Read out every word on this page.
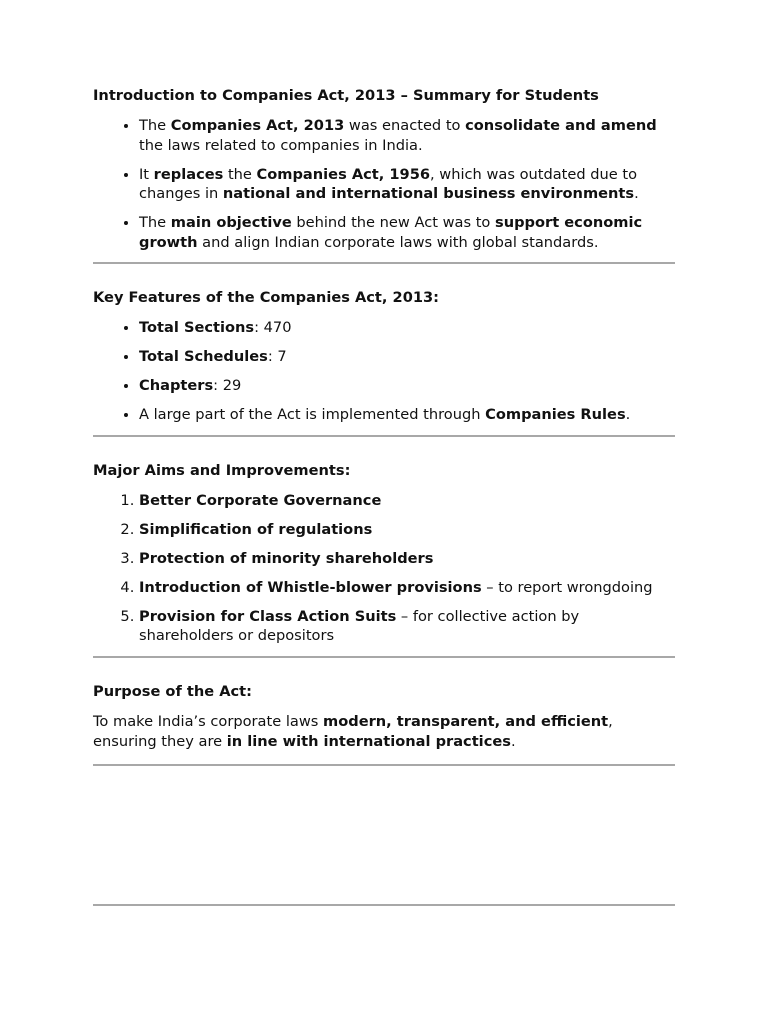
Introduction to Companies Act, 2013 – Summary for Students
• The Companies Act, 2013 was enacted to consolidate and amend the laws related to companies in India.
• It replaces the Companies Act, 1956, which was outdated due to changes in national and international business environments.
• The main objective behind the new Act was to support economic growth and align Indian corporate laws with global standards.
Key Features of the Companies Act, 2013:
• Total Sections: 470
• Total Schedules: 7
• Chapters: 29
• A large part of the Act is implemented through Companies Rules.
Major Aims and Improvements:
1. Better Corporate Governance
2. Simplification of regulations
3. Protection of minority shareholders
4. Introduction of Whistle-blower provisions – to report wrongdoing
5. Provision for Class Action Suits – for collective action by shareholders or depositors
Purpose of the Act:

To make India’s corporate laws modern, transparent, and efficient, ensuring they are in line with international practices.
